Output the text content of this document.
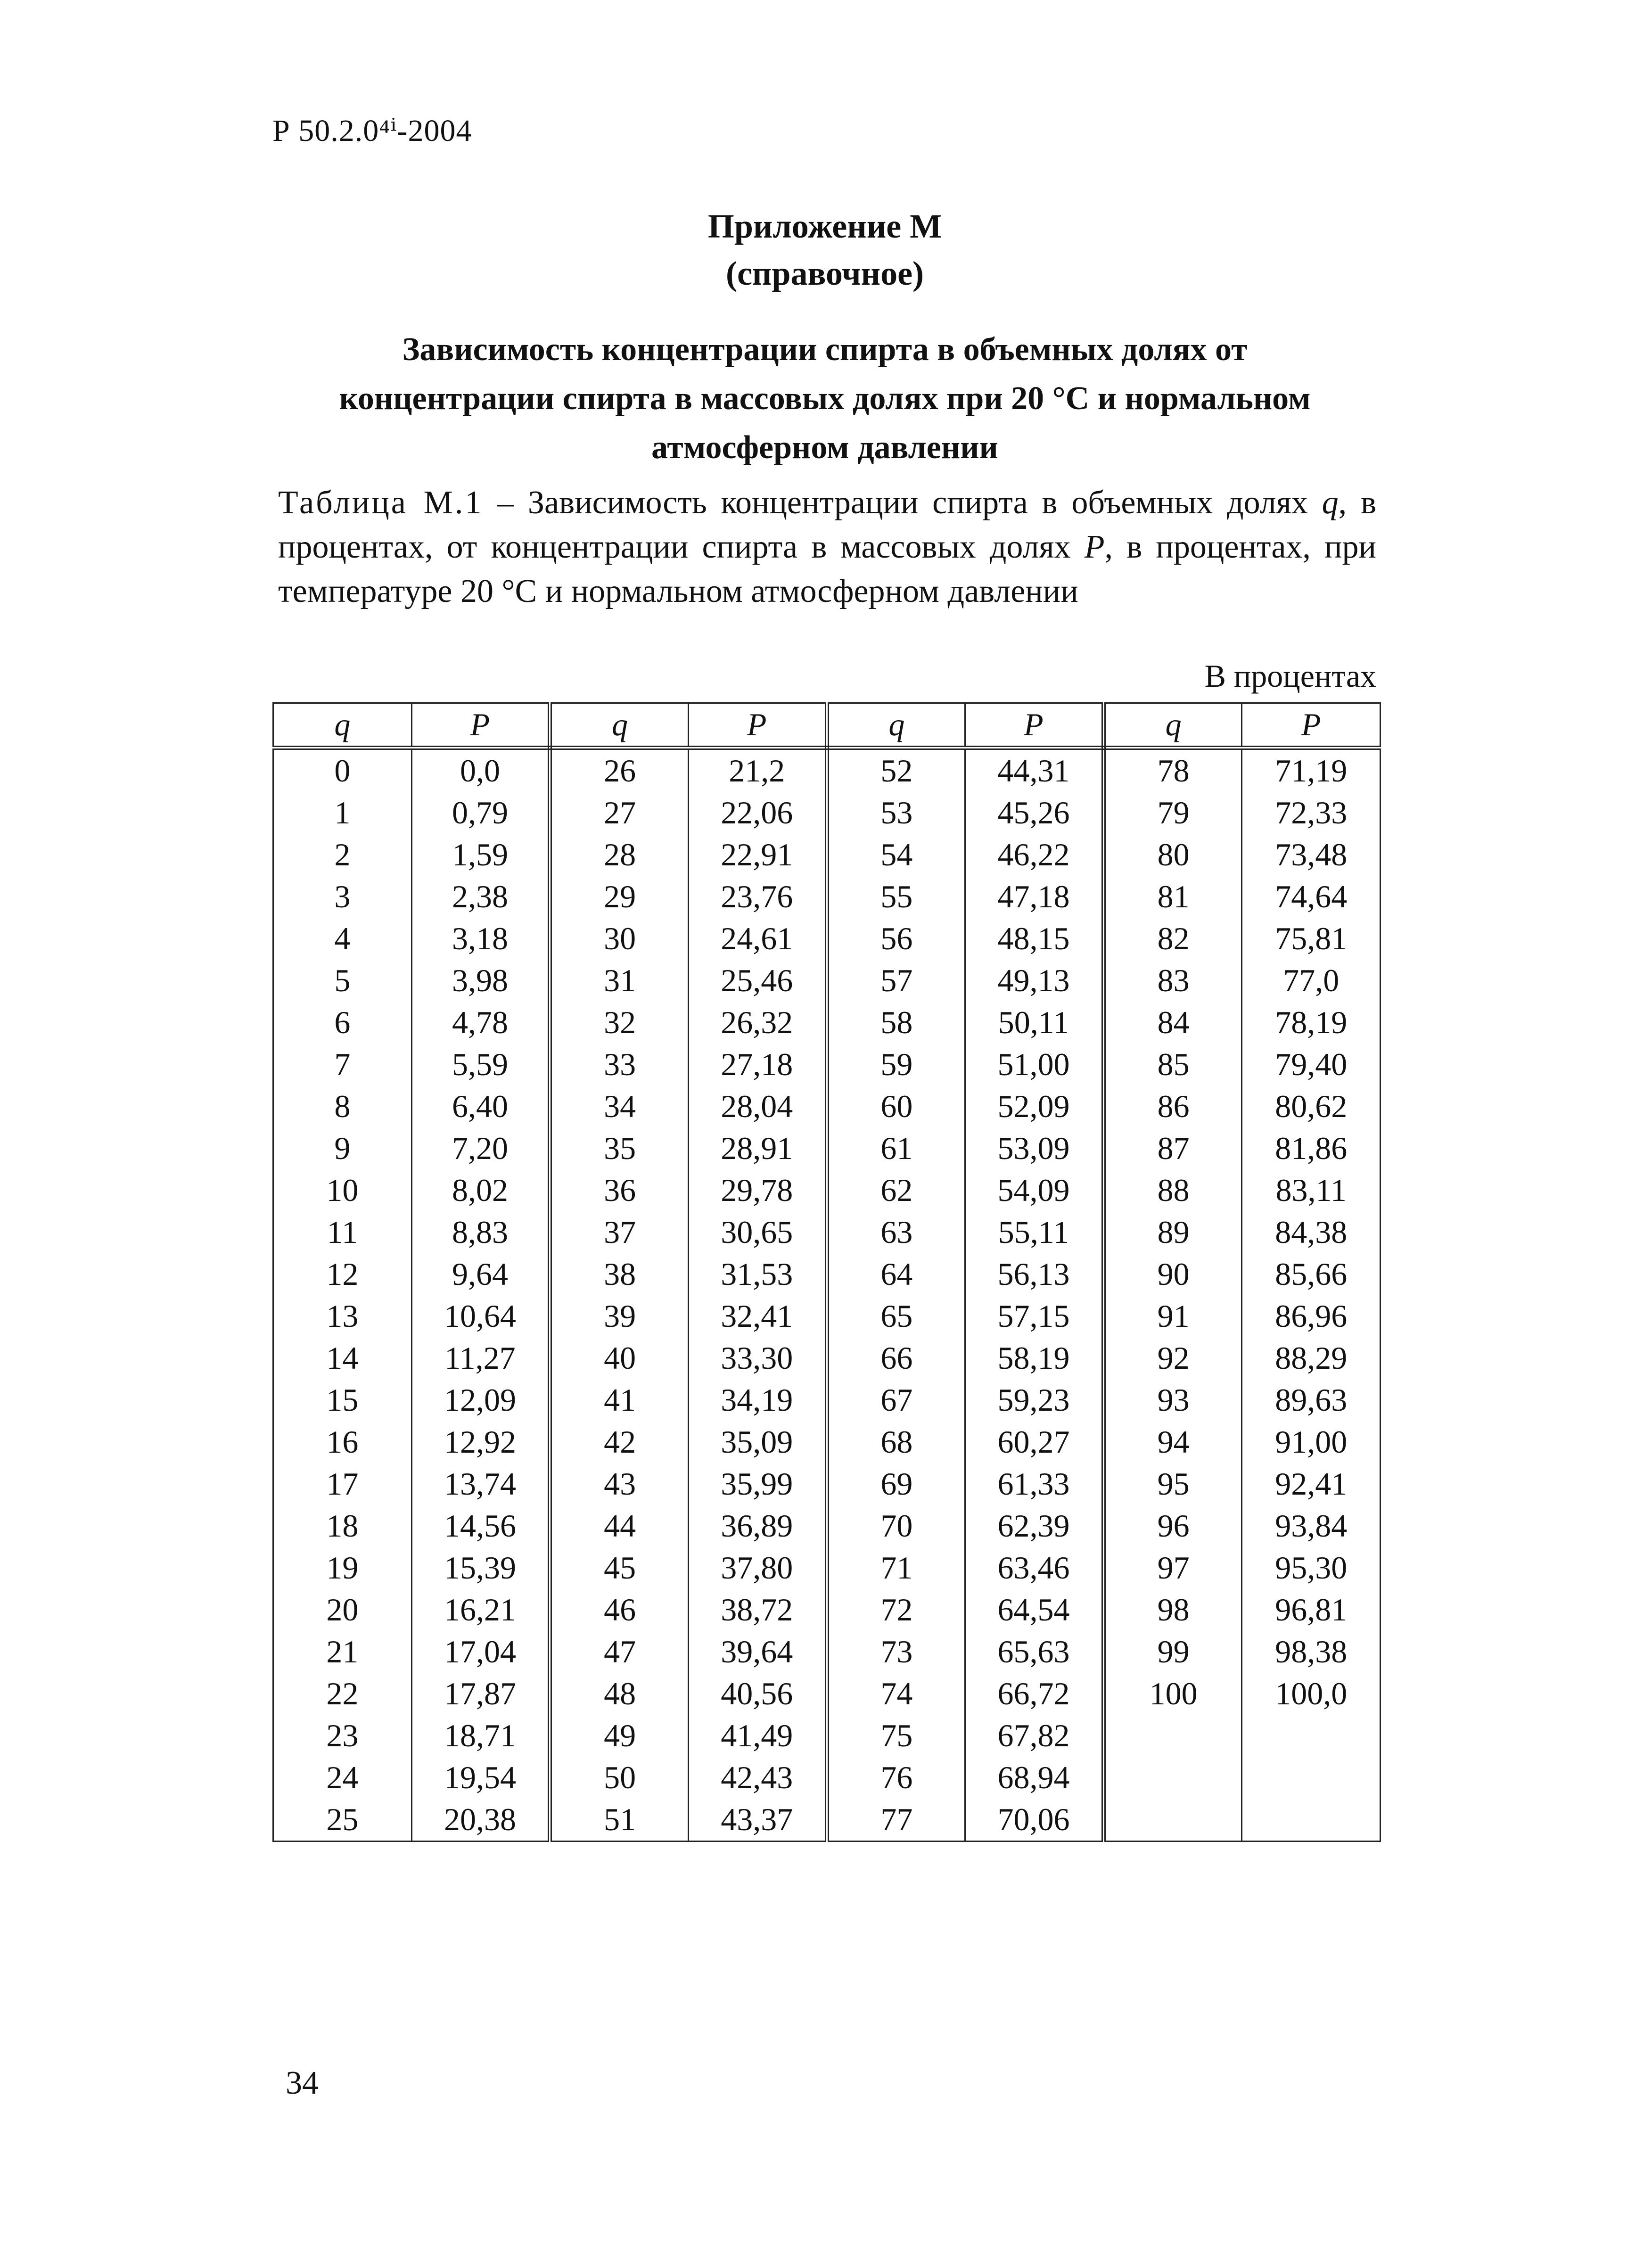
Р 50.2.0⁴ⁱ-2004
Приложение М
(справочное)
Зависимость концентрации спирта в объемных долях от
концентрации спирта в массовых долях при 20 °С и нормальном
атмосферном давлении
Таблица М.1 – Зависимость концентрации спирта в объемных долях q, в процентах, от концентрации спирта в массовых долях P, в процентах, при температуре 20 °С и нормальном атмосферном давлении
В процентах
q	P	q	P	q	P	q	P
0	0,0	26	21,2	52	44,31	78	71,19
1	0,79	27	22,06	53	45,26	79	72,33
2	1,59	28	22,91	54	46,22	80	73,48
3	2,38	29	23,76	55	47,18	81	74,64
4	3,18	30	24,61	56	48,15	82	75,81
5	3,98	31	25,46	57	49,13	83	77,0
6	4,78	32	26,32	58	50,11	84	78,19
7	5,59	33	27,18	59	51,00	85	79,40
8	6,40	34	28,04	60	52,09	86	80,62
9	7,20	35	28,91	61	53,09	87	81,86
10	8,02	36	29,78	62	54,09	88	83,11
11	8,83	37	30,65	63	55,11	89	84,38
12	9,64	38	31,53	64	56,13	90	85,66
13	10,64	39	32,41	65	57,15	91	86,96
14	11,27	40	33,30	66	58,19	92	88,29
15	12,09	41	34,19	67	59,23	93	89,63
16	12,92	42	35,09	68	60,27	94	91,00
17	13,74	43	35,99	69	61,33	95	92,41
18	14,56	44	36,89	70	62,39	96	93,84
19	15,39	45	37,80	71	63,46	97	95,30
20	16,21	46	38,72	72	64,54	98	96,81
21	17,04	47	39,64	73	65,63	99	98,38
22	17,87	48	40,56	74	66,72	100	100,0
23	18,71	49	41,49	75	67,82		
24	19,54	50	42,43	76	68,94		
25	20,38	51	43,37	77	70,06		
34
